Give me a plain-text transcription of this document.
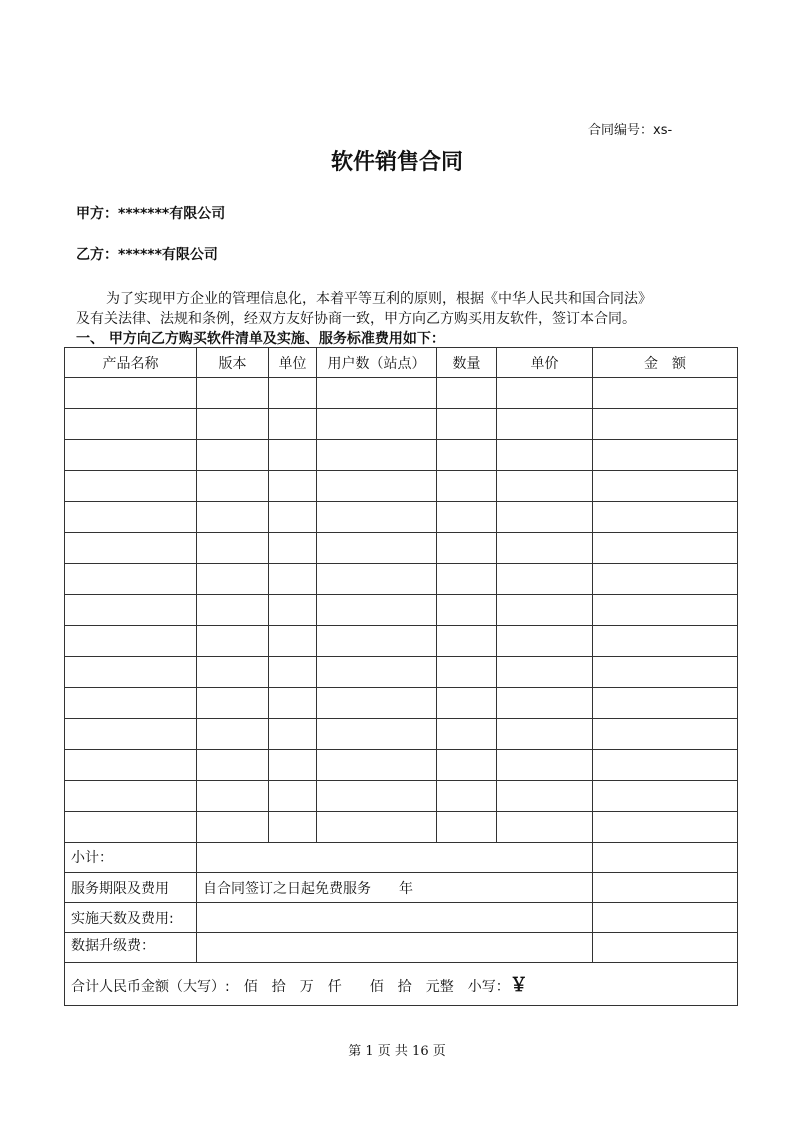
合同编号：xs-
软件销售合同
甲方：*******有限公司
乙方：******有限公司
为了实现甲方企业的管理信息化，本着平等互利的原则，根据《中华人民共和国合同法》
及有关法律、法规和条例，经双方友好协商一致，甲方向乙方购买用友软件，签订本合同。
一、 甲方向乙方购买软件清单及实施、服务标准费用如下：
产品名称	版本	单位	用户数（站点）	数量	单价	金　额

小计：						
服务期限及费用	自合同签订之日起免费服务　　年					
实施天数及费用:						
数据升级费：						
合计人民币金额（大写）:　佰　拾　万　仟　　佰　拾　元整　小写：￥						
第 1 页 共 16 页
